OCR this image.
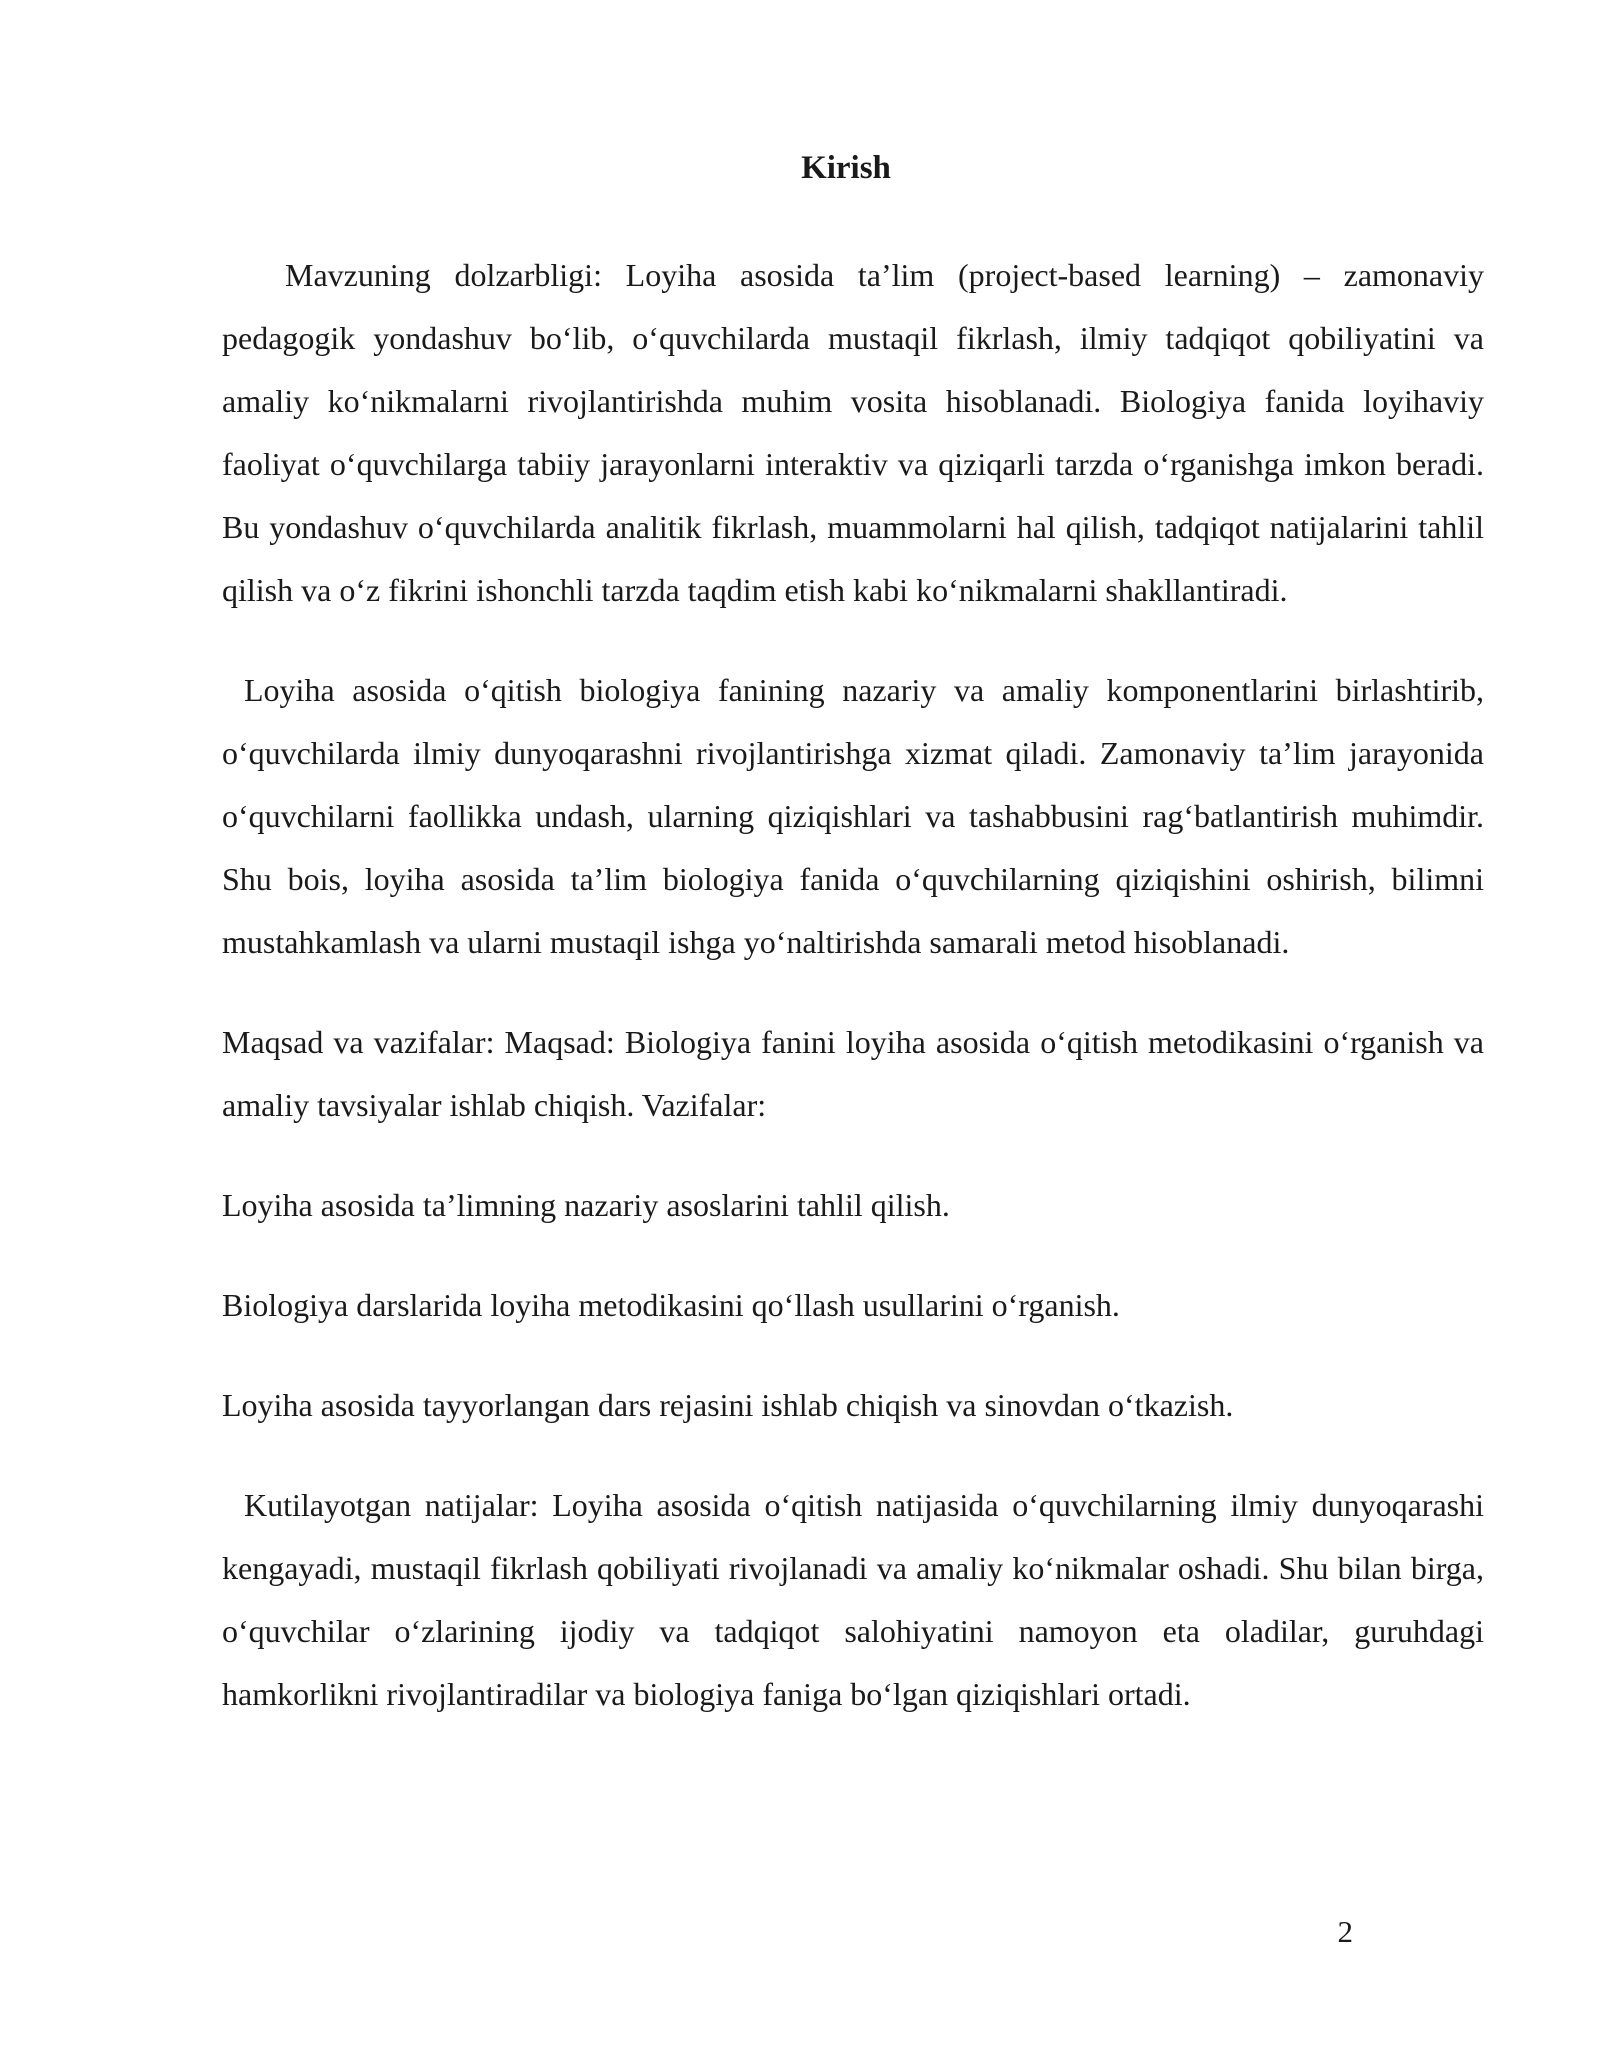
Kirish

Mavzuning dolzarbligi: Loyiha asosida ta’lim (project-based learning) – zamonaviy pedagogik yondashuv bo‘lib, o‘quvchilarda mustaqil fikrlash, ilmiy tadqiqot qobiliyatini va amaliy ko‘nikmalarni rivojlantirishda muhim vosita hisoblanadi. Biologiya fanida loyihaviy faoliyat o‘quvchilarga tabiiy jarayonlarni interaktiv va qiziqarli tarzda o‘rganishga imkon beradi. Bu yondashuv o‘quvchilarda analitik fikrlash, muammolarni hal qilish, tadqiqot natijalarini tahlil qilish va o‘z fikrini ishonchli tarzda taqdim etish kabi ko‘nikmalarni shakllantiradi.

Loyiha asosida o‘qitish biologiya fanining nazariy va amaliy komponentlarini birlashtirib, o‘quvchilarda ilmiy dunyoqarashni rivojlantirishga xizmat qiladi. Zamonaviy ta’lim jarayonida o‘quvchilarni faollikka undash, ularning qiziqishlari va tashabbusini rag‘batlantirish muhimdir. Shu bois, loyiha asosida ta’lim biologiya fanida o‘quvchilarning qiziqishini oshirish, bilimni mustahkamlash va ularni mustaqil ishga yo‘naltirishda samarali metod hisoblanadi.

Maqsad va vazifalar: Maqsad: Biologiya fanini loyiha asosida o‘qitish metodikasini o‘rganish va amaliy tavsiyalar ishlab chiqish. Vazifalar:

Loyiha asosida ta’limning nazariy asoslarini tahlil qilish.

Biologiya darslarida loyiha metodikasini qo‘llash usullarini o‘rganish.

Loyiha asosida tayyorlangan dars rejasini ishlab chiqish va sinovdan o‘tkazish.

Kutilayotgan natijalar: Loyiha asosida o‘qitish natijasida o‘quvchilarning ilmiy dunyoqarashi kengayadi, mustaqil fikrlash qobiliyati rivojlanadi va amaliy ko‘nikmalar oshadi. Shu bilan birga, o‘quvchilar o‘zlarining ijodiy va tadqiqot salohiyatini namoyon eta oladilar, guruhdagi hamkorlikni rivojlantiradilar va biologiya faniga bo‘lgan qiziqishlari ortadi.

2
